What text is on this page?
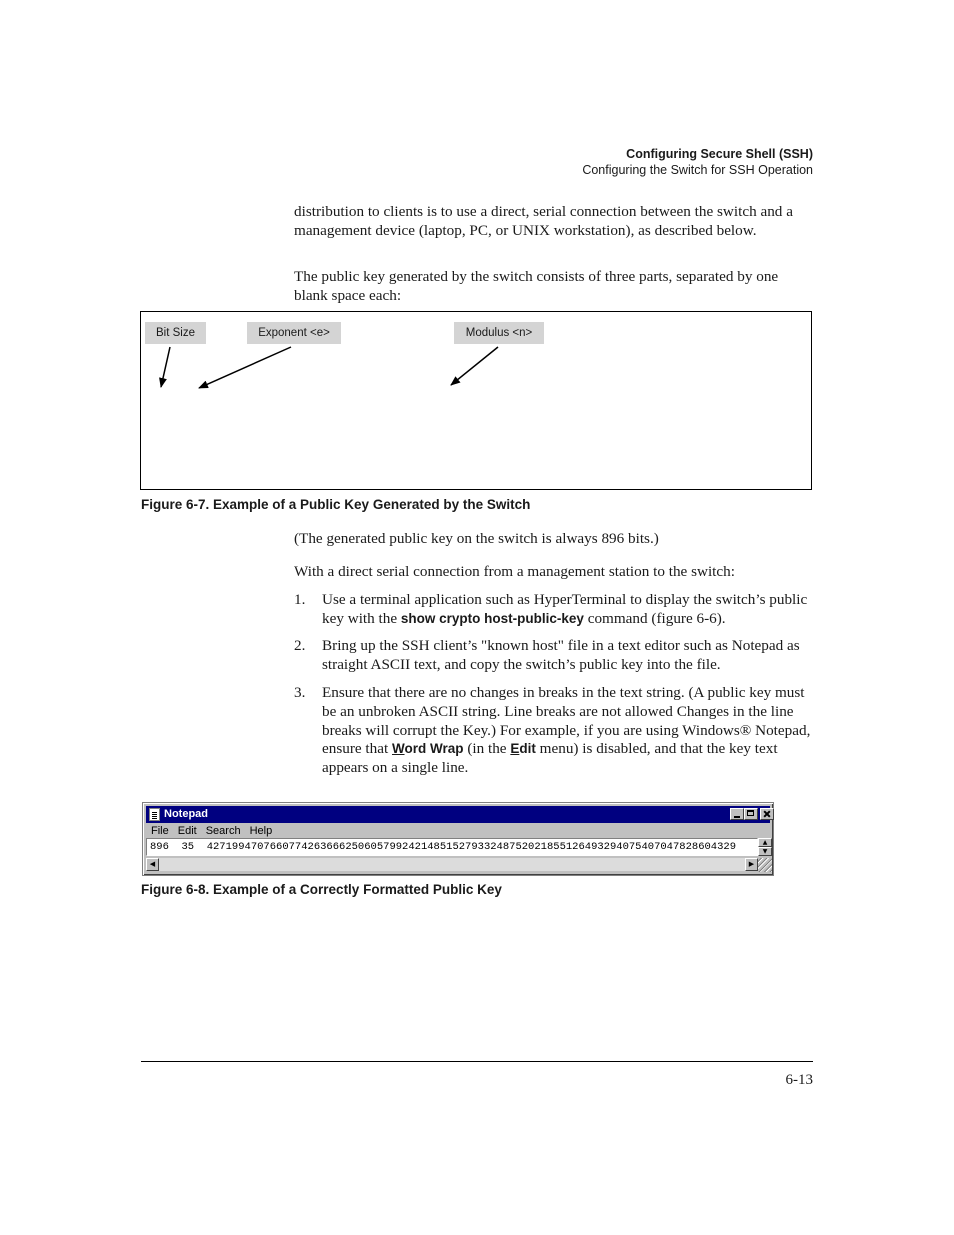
Configuring Secure Shell (SSH)
Configuring the Switch for SSH Operation

distribution to clients is to use a direct, serial connection between the switch and a management device (laptop, PC, or UNIX workstation), as described below.

The public key generated by the switch consists of three parts, separated by one blank space each:

Bit Size	Exponent <e>	Modulus <n>
Figure 6-7. Example of a Public Key Generated by the Switch

(The generated public key on the switch is always 896 bits.)

With a direct serial connection from a management station to the switch:

1. Use a terminal application such as HyperTerminal to display the switch’s public key with the show crypto host-public-key command (figure 6-6).
2. Bring up the SSH client’s "known host" file in a text editor such as Notepad as straight ASCII text, and copy the switch’s public key into the file.
3. Ensure that there are no changes in breaks in the text string. (A public key must be an unbroken ASCII string. Line breaks are not allowed Changes in the line breaks will corrupt the Key.) For example, if you are using Windows® Notepad, ensure that Word Wrap (in the Edit menu) is disabled, and that the key text appears on a single line.
Notepad
File Edit Search Help
896  35  427199470766077426366625060579924214851527933248752021855126493294075407047828604329	▲
▼
◀	▶
Figure 6-8. Example of a Correctly Formatted Public Key
6-13
